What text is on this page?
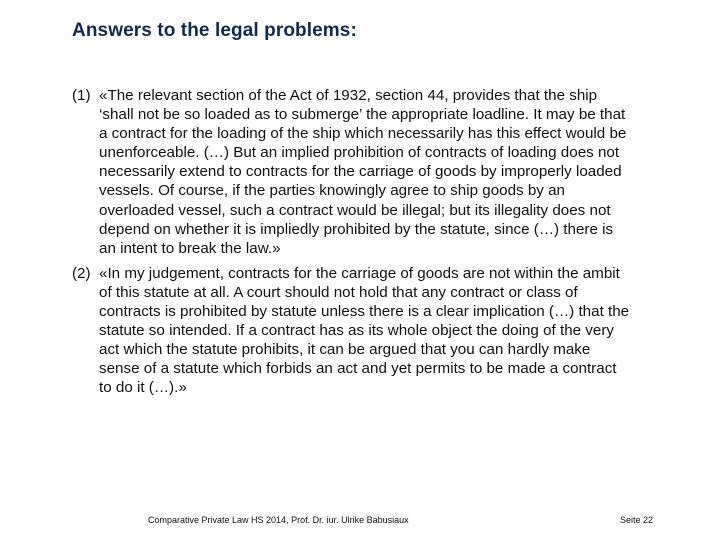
Answers to the legal problems:
(1) «The relevant section of the Act of 1932, section 44, provides that the ship ‘shall not be so loaded as to submerge’ the appropriate loadline. It may be that a contract for the loading of the ship which necessarily has this effect would be unenforceable. (…) But an implied prohibition of contracts of loading does not necessarily extend to contracts for the carriage of goods by improperly loaded vessels. Of course, if the parties knowingly agree to ship goods by an overloaded vessel, such a contract would be illegal; but its illegality does not depend on whether it is impliedly prohibited by the statute, since (…) there is an intent to break the law.»
(2) «In my judgement, contracts for the carriage of goods are not within the ambit of this statute at all. A court should not hold that any contract or class of contracts is prohibited by statute unless there is a clear implication (…) that the statute so intended. If a contract has as its whole object the doing of the very act which the statute prohibits, it can be argued that you can hardly make sense of a statute which forbids an act and yet permits to be made a contract to do it (…).»
Comparative Private Law HS 2014, Prof. Dr. iur. Ulrike Babusiaux	Seite 22
